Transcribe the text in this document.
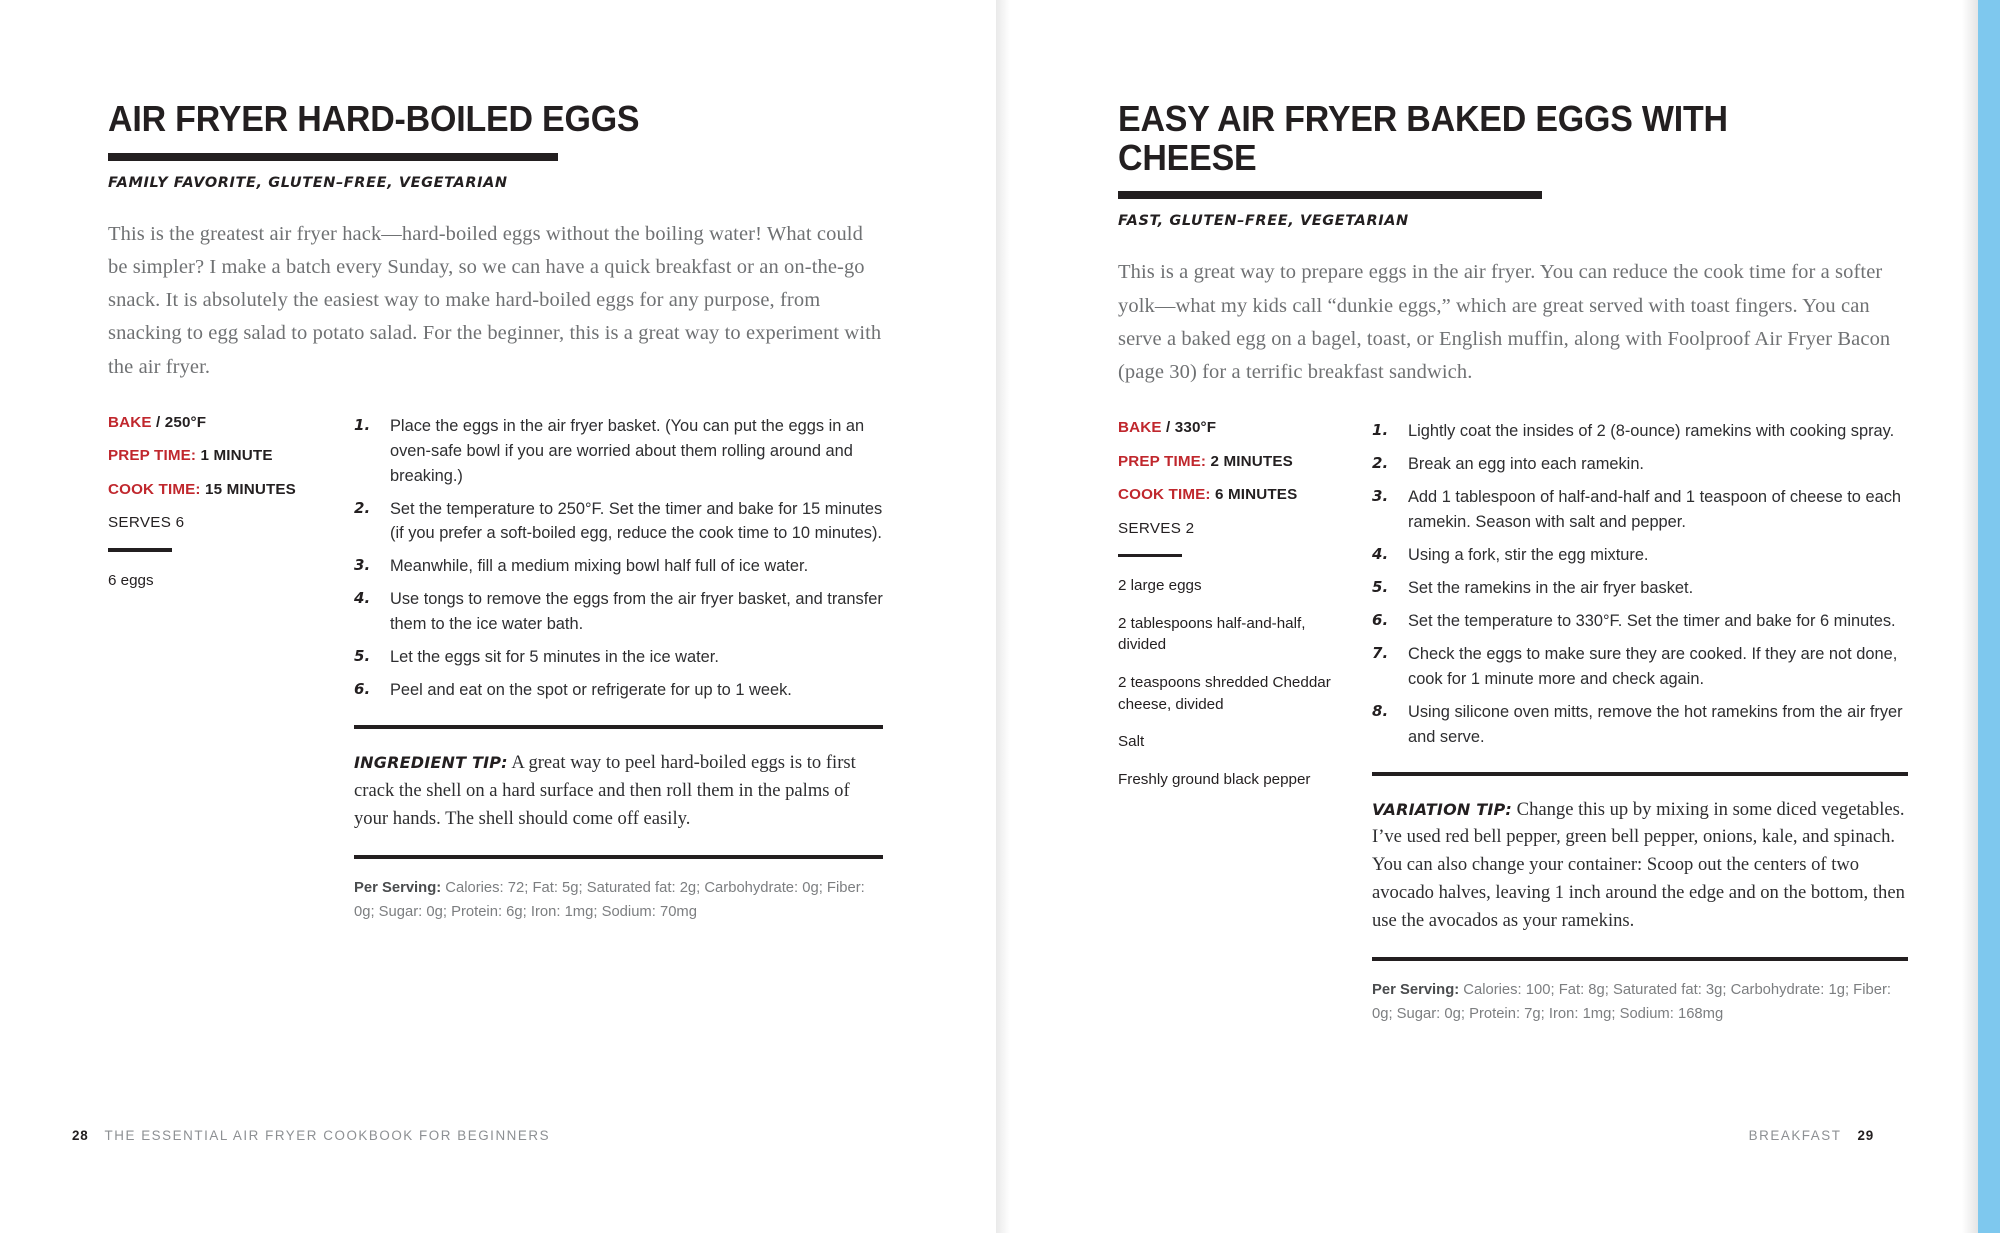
AIR FRYER HARD-BOILED EGGS
FAMILY FAVORITE, GLUTEN–FREE, VEGETARIAN

This is the greatest air fryer hack—hard-boiled eggs without the boiling water! What could be simpler? I make a batch every Sunday, so we can have a quick breakfast or an on-the-go snack. It is absolutely the easiest way to make hard-boiled eggs for any purpose, from snacking to egg salad to potato salad. For the beginner, this is a great way to experiment with the air fryer.

BAKE / 250°F
PREP TIME: 1 MINUTE
COOK TIME: 15 MINUTES
SERVES 6
6 eggs
Place the eggs in the air fryer basket. (You can put the eggs in an oven-safe bowl if you are worried about them rolling around and breaking.)
Set the temperature to 250°F. Set the timer and bake for 15 minutes (if you prefer a soft-boiled egg, reduce the cook time to 10 minutes).
Meanwhile, fill a medium mixing bowl half full of ice water.
Use tongs to remove the eggs from the air fryer basket, and transfer them to the ice water bath.
Let the eggs sit for 5 minutes in the ice water.
Peel and eat on the spot or refrigerate for up to 1 week.
INGREDIENT TIP: A great way to peel hard-boiled eggs is to first crack the shell on a hard surface and then roll them in the palms of your hands. The shell should come off easily.
Per Serving: Calories: 72; Fat: 5g; Saturated fat: 2g; Carbohydrate: 0g; Fiber: 0g; Sugar: 0g; Protein: 6g; Iron: 1mg; Sodium: 70mg
28 THE ESSENTIAL AIR FRYER COOKBOOK FOR BEGINNERS
EASY AIR FRYER BAKED EGGS WITH CHEESE
FAST, GLUTEN–FREE, VEGETARIAN

This is a great way to prepare eggs in the air fryer. You can reduce the cook time for a softer yolk—what my kids call “dunkie eggs,” which are great served with toast fingers. You can serve a baked egg on a bagel, toast, or English muffin, along with Foolproof Air Fryer Bacon (page 30) for a terrific breakfast sandwich.

BAKE / 330°F
PREP TIME: 2 MINUTES
COOK TIME: 6 MINUTES
SERVES 2
2 large eggs
2 tablespoons half-and-half, divided
2 teaspoons shredded Cheddar cheese, divided
Salt
Freshly ground black pepper
Lightly coat the insides of 2 (8-ounce) ramekins with cooking spray.
Break an egg into each ramekin.
Add 1 tablespoon of half-and-half and 1 teaspoon of cheese to each ramekin. Season with salt and pepper.
Using a fork, stir the egg mixture.
Set the ramekins in the air fryer basket.
Set the temperature to 330°F. Set the timer and bake for 6 minutes.
Check the eggs to make sure they are cooked. If they are not done, cook for 1 minute more and check again.
Using silicone oven mitts, remove the hot ramekins from the air fryer and serve.
VARIATION TIP: Change this up by mixing in some diced vegetables. I’ve used red bell pepper, green bell pepper, onions, kale, and spinach. You can also change your container: Scoop out the centers of two avocado halves, leaving 1 inch around the edge and on the bottom, then use the avocados as your ramekins.
Per Serving: Calories: 100; Fat: 8g; Saturated fat: 3g; Carbohydrate: 1g; Fiber: 0g; Sugar: 0g; Protein: 7g; Iron: 1mg; Sodium: 168mg
BREAKFAST 29
